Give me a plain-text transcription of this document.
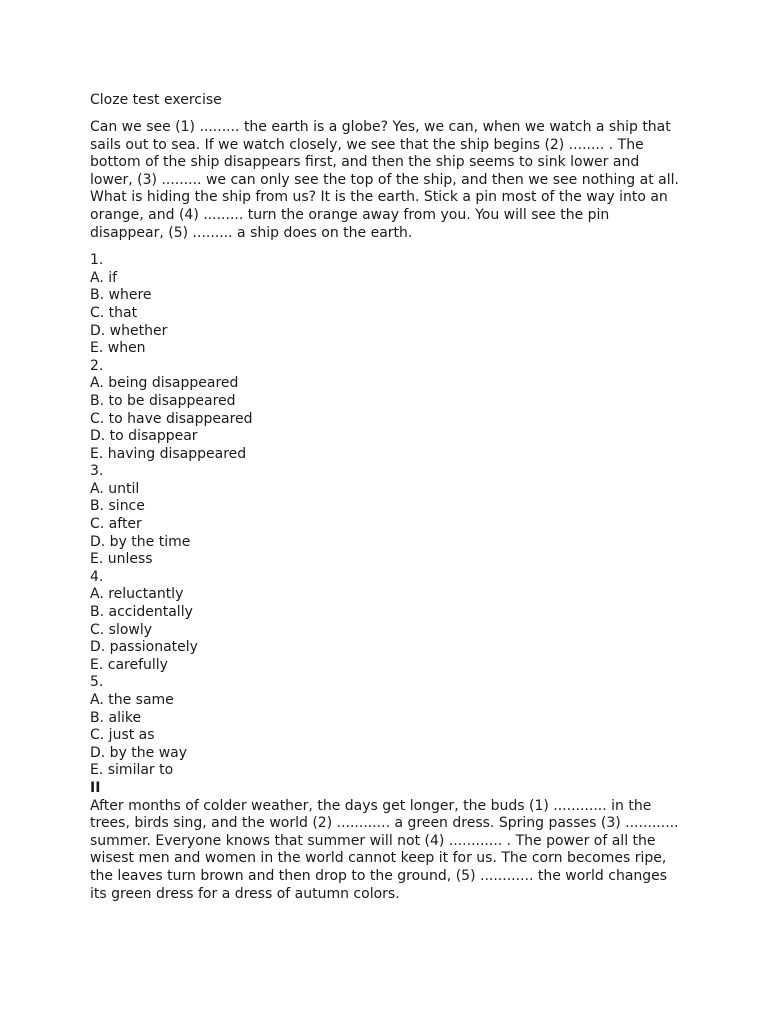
Cloze test exercise
Can we see (1) ......... the earth is a globe? Yes, we can, when we watch a ship that
sails out to sea. If we watch closely, we see that the ship begins (2) ........ . The
bottom of the ship disappears first, and then the ship seems to sink lower and
lower, (3) ......... we can only see the top of the ship, and then we see nothing at all.
What is hiding the ship from us? It is the earth. Stick a pin most of the way into an
orange, and (4) ......... turn the orange away from you. You will see the pin
disappear, (5) ......... a ship does on the earth.
1.
A. if
B. where
C. that
D. whether
E. when
2.
A. being disappeared
B. to be disappeared
C. to have disappeared
D. to disappear
E. having disappeared
3.
A. until
B. since
C. after
D. by the time
E. unless
4.
A. reluctantly
B. accidentally
C. slowly
D. passionately
E. carefully
5.
A. the same
B. alike
C. just as
D. by the way
E. similar to
II
After months of colder weather, the days get longer, the buds (1) ............ in the
trees, birds sing, and the world (2) ............ a green dress. Spring passes (3) ............
summer. Everyone knows that summer will not (4) ............ . The power of all the
wisest men and women in the world cannot keep it for us. The corn becomes ripe,
the leaves turn brown and then drop to the ground, (5) ............ the world changes
its green dress for a dress of autumn colors.
